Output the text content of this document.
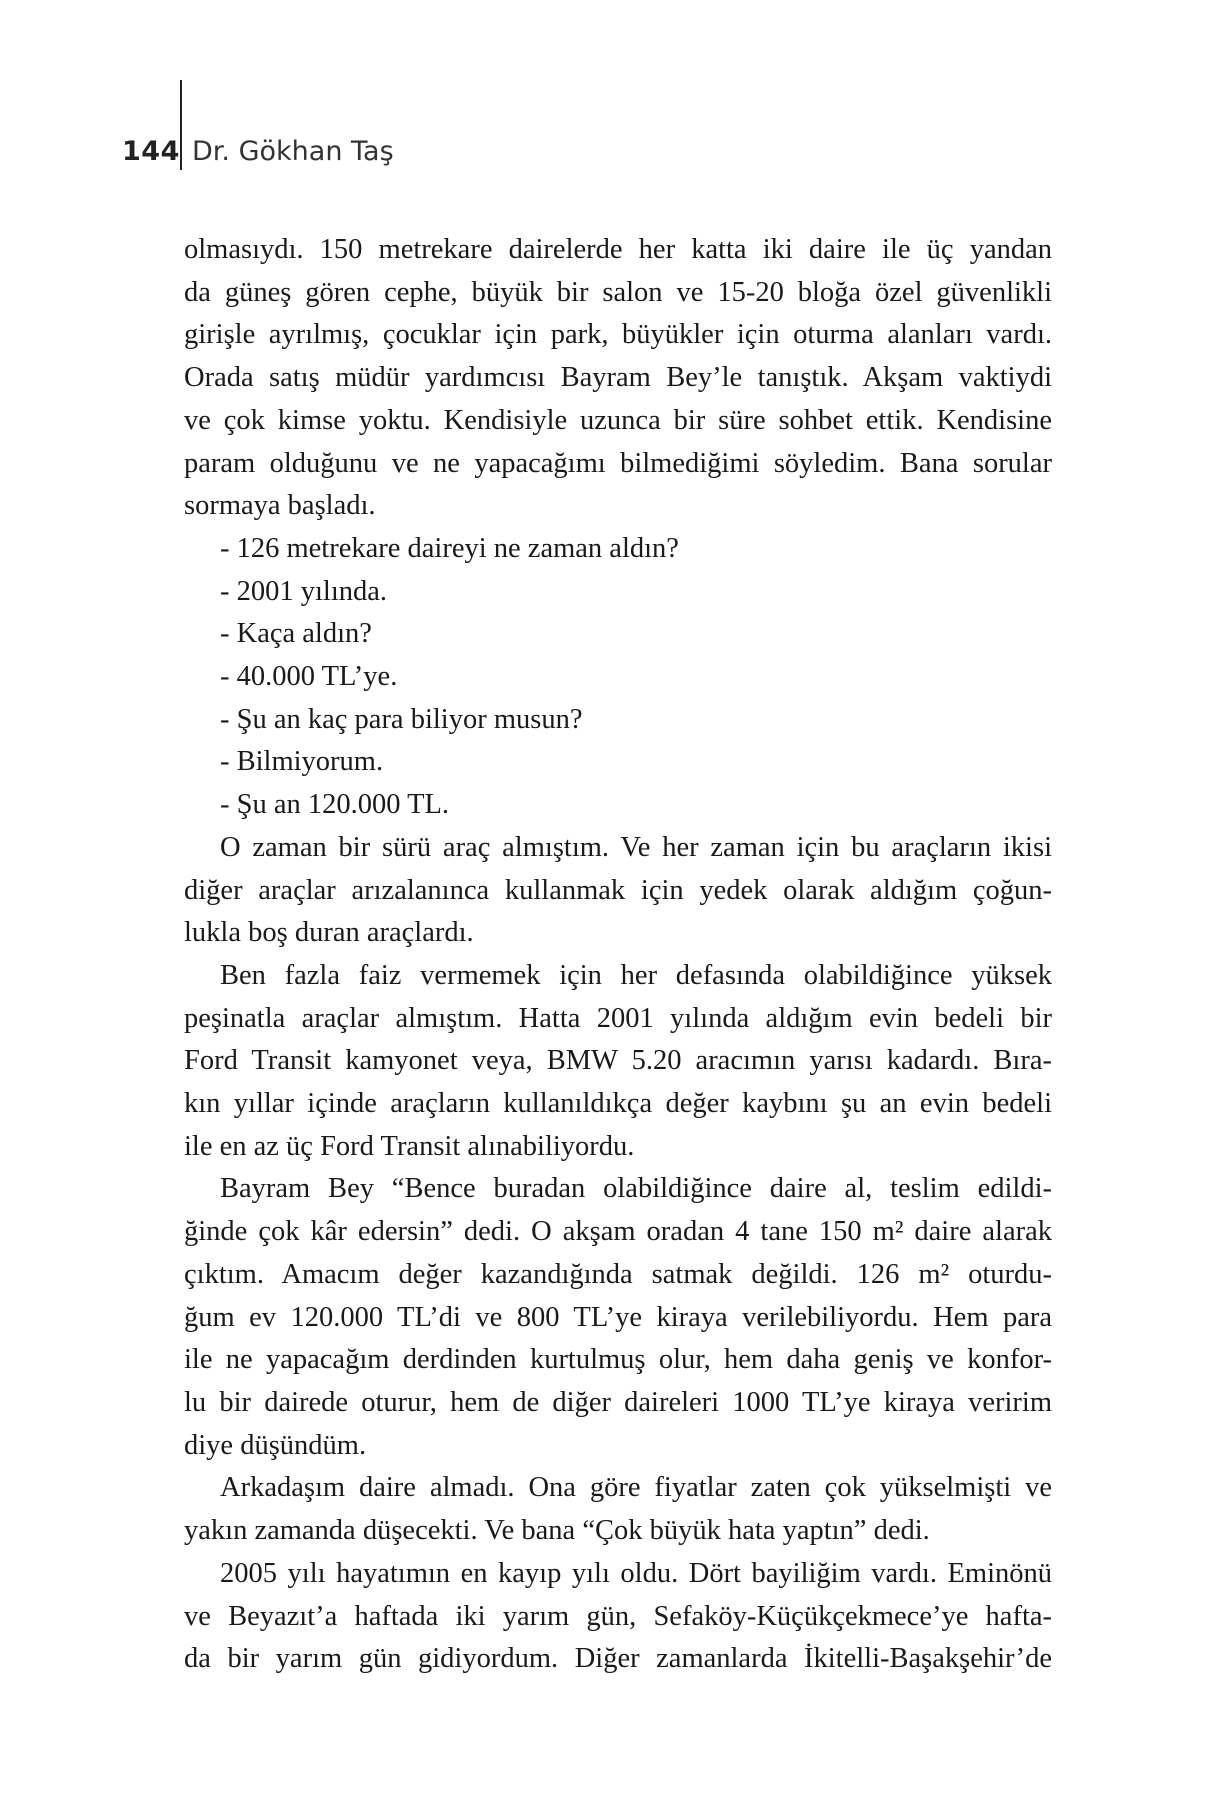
144 Dr. Gökhan Taş
olmasıydı. 150 metrekare dairelerde her katta iki daire ile üç yandan
da güneş gören cephe, büyük bir salon ve 15-20 bloğa özel güvenlikli
girişle ayrılmış, çocuklar için park, büyükler için oturma alanları vardı.
Orada satış müdür yardımcısı Bayram Bey’le tanıştık. Akşam vaktiydi
ve çok kimse yoktu. Kendisiyle uzunca bir süre sohbet ettik. Kendisine
param olduğunu ve ne yapacağımı bilmediğimi söyledim. Bana sorular
sormaya başladı.
- 126 metrekare daireyi ne zaman aldın?
- 2001 yılında.
- Kaça aldın?
- 40.000 TL’ye.
- Şu an kaç para biliyor musun?
- Bilmiyorum.
- Şu an 120.000 TL.
O zaman bir sürü araç almıştım. Ve her zaman için bu araçların ikisi
diğer araçlar arızalanınca kullanmak için yedek olarak aldığım çoğun-
lukla boş duran araçlardı.
Ben fazla faiz vermemek için her defasında olabildiğince yüksek
peşinatla araçlar almıştım. Hatta 2001 yılında aldığım evin bedeli bir
Ford Transit kamyonet veya, BMW 5.20 aracımın yarısı kadardı. Bıra-
kın yıllar içinde araçların kullanıldıkça değer kaybını şu an evin bedeli
ile en az üç Ford Transit alınabiliyordu.
Bayram Bey “Bence buradan olabildiğince daire al, teslim edildi-
ğinde çok kâr edersin” dedi. O akşam oradan 4 tane 150 m² daire alarak
çıktım. Amacım değer kazandığında satmak değildi. 126 m² oturdu-
ğum ev 120.000 TL’di ve 800 TL’ye kiraya verilebiliyordu. Hem para
ile ne yapacağım derdinden kurtulmuş olur, hem daha geniş ve konfor-
lu bir dairede oturur, hem de diğer daireleri 1000 TL’ye kiraya veririm
diye düşündüm.
Arkadaşım daire almadı. Ona göre fiyatlar zaten çok yükselmişti ve
yakın zamanda düşecekti. Ve bana “Çok büyük hata yaptın” dedi.
2005 yılı hayatımın en kayıp yılı oldu. Dört bayiliğim vardı. Eminönü
ve Beyazıt’a haftada iki yarım gün, Sefaköy-Küçükçekmece’ye hafta-
da bir yarım gün gidiyordum. Diğer zamanlarda İkitelli-Başakşehir’de
